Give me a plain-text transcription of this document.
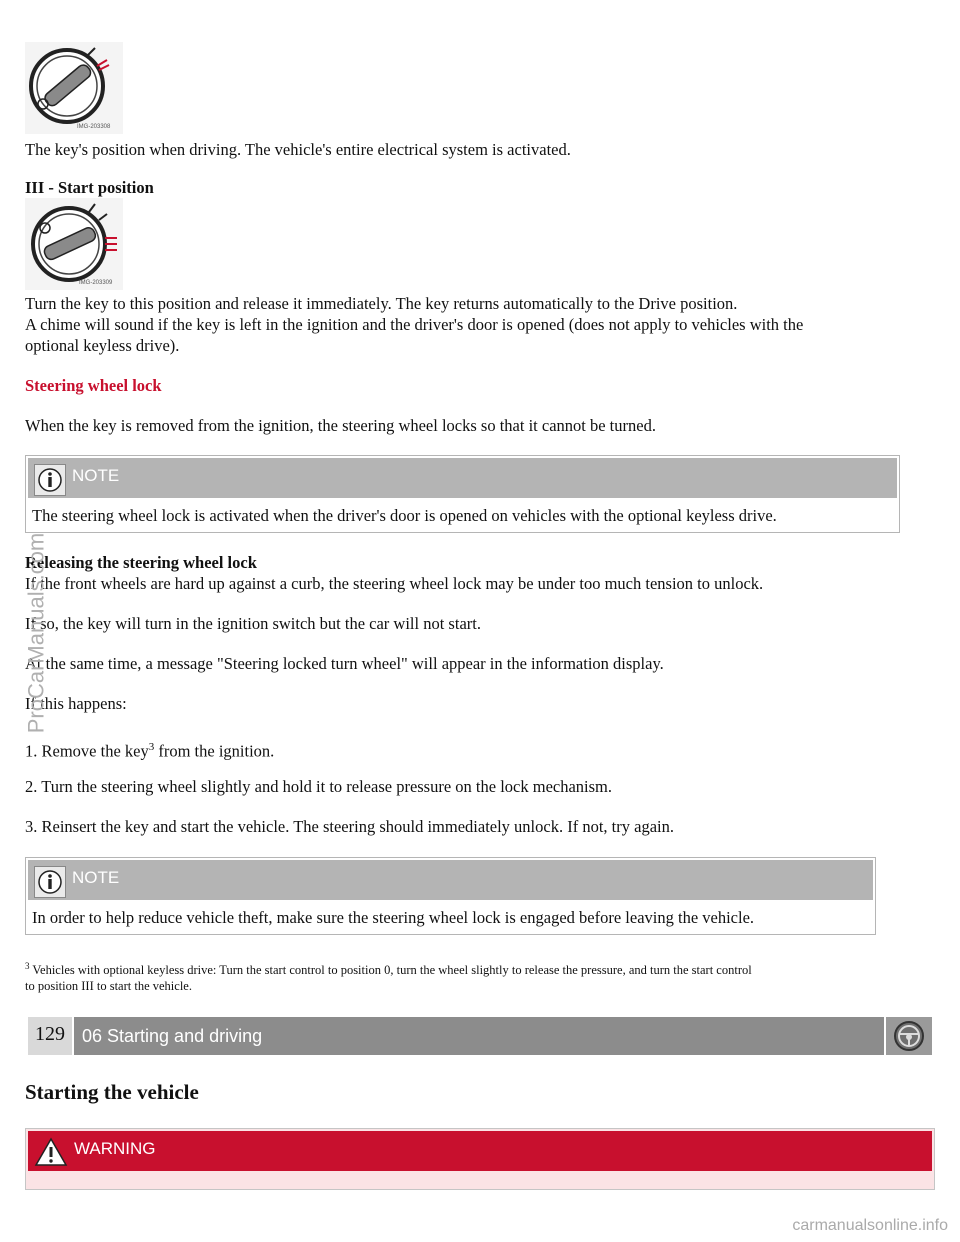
IMG-203308
The key's position when driving. The vehicle's entire electrical system is activated.
III - Start position
IMG-203309
Turn the key to this position and release it immediately. The key returns automatically to the Drive position.
A chime will sound if the key is left in the ignition and the driver's door is opened (does not apply to vehicles with the
optional keyless drive).
Steering wheel lock
When the key is removed from the ignition, the steering wheel locks so that it cannot be turned.
NOTE
The steering wheel lock is activated when the driver's door is opened on vehicles with the optional keyless drive.
Releasing the steering wheel lock
If the front wheels are hard up against a curb, the steering wheel lock may be under too much tension to unlock.
If so, the key will turn in the ignition switch but the car will not start.
At the same time, a message "Steering locked turn wheel" will appear in the information display.
If this happens:
1. Remove the key$^3$ from the ignition.
2. Turn the steering wheel slightly and hold it to release pressure on the lock mechanism.
3. Reinsert the key and start the vehicle. The steering should immediately unlock. If not, try again.
NOTE
In order to help reduce vehicle theft, make sure the steering wheel lock is engaged before leaving the vehicle.
$^3$ Vehicles with optional keyless drive: Turn the start control to position 0, turn the wheel slightly to release the pressure, and turn the start control
to position III to start the vehicle.
129 06 Starting and driving
Starting the vehicle
WARNING
ProCarManuals.com
carmanualsonline.info
